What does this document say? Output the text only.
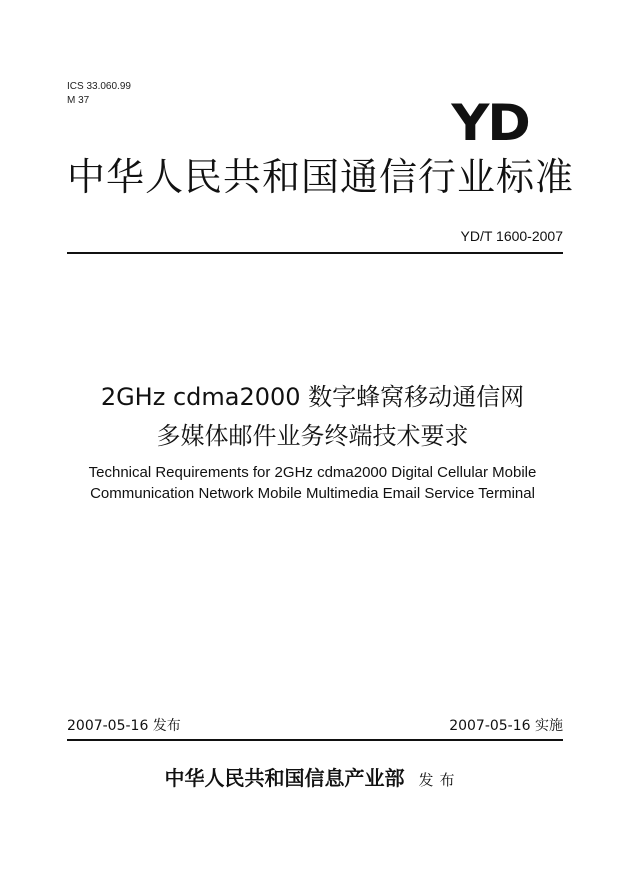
ICS 33.060.99
M 37	YD
中华人民共和国通信行业标准
YD/T 1600-2007
2GHz cdma2000 数字蜂窝移动通信网
多媒体邮件业务终端技术要求
Technical Requirements for 2GHz cdma2000 Digital Cellular Mobile
Communication Network Mobile Multimedia Email Service Terminal
2007-05-16 发布	2007-05-16 实施
中华人民共和国信息产业部 发布
